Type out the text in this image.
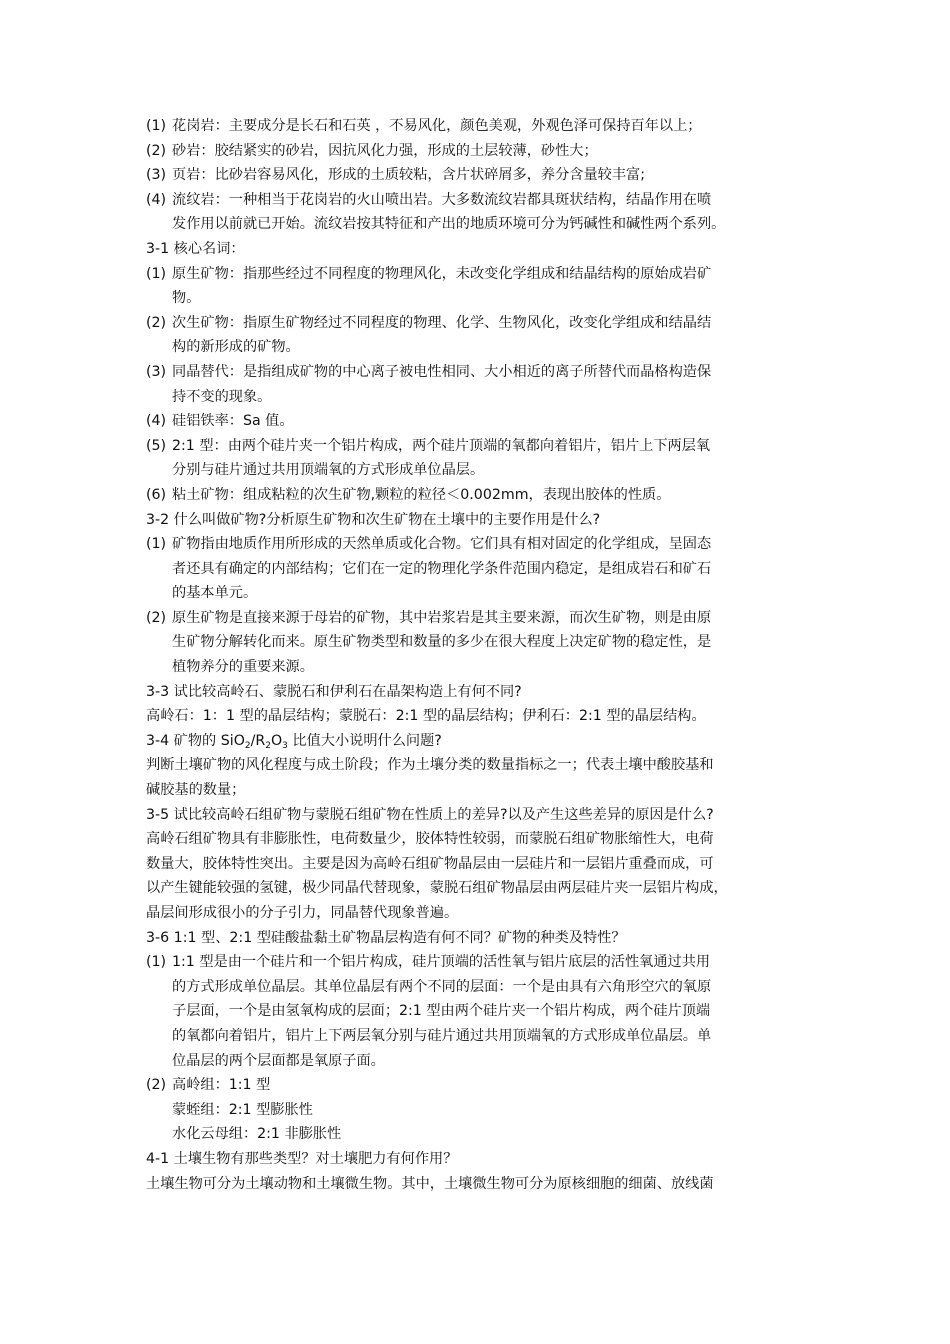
(1) 花岗岩：主要成分是长石和石英 ，不易风化，颜色美观，外观色泽可保持百年以上；
(2) 砂岩：胶结紧实的砂岩，因抗风化力强，形成的土层较薄，砂性大；
(3) 页岩：比砂岩容易风化，形成的土质较粘，含片状碎屑多，养分含量较丰富;
(4) 流纹岩：一种相当于花岗岩的火山喷出岩。大多数流纹岩都具斑状结构，结晶作用在喷
发作用以前就已开始。流纹岩按其特征和产出的地质环境可分为钙碱性和碱性两个系列。
3-1 核心名词：
(1) 原生矿物：指那些经过不同程度的物理风化，未改变化学组成和结晶结构的原始成岩矿
物。
(2) 次生矿物：指原生矿物经过不同程度的物理、化学、生物风化，改变化学组成和结晶结
构的新形成的矿物。
(3) 同晶替代：是指组成矿物的中心离子被电性相同、大小相近的离子所替代而晶格构造保
持不变的现象。
(4) 硅铝铁率：Sa 值。
(5) 2:1 型：由两个硅片夹一个铝片构成，两个硅片顶端的氧都向着铝片，铝片上下两层氧
分别与硅片通过共用顶端氧的方式形成单位晶层。
(6) 粘土矿物：组成粘粒的次生矿物,颗粒的粒径＜0.002mm，表现出胶体的性质。
3-2 什么叫做矿物?分析原生矿物和次生矿物在土壤中的主要作用是什么?
(1) 矿物指由地质作用所形成的天然单质或化合物。它们具有相对固定的化学组成，呈固态
者还具有确定的内部结构；它们在一定的物理化学条件范围内稳定，是组成岩石和矿石
的基本单元。
(2) 原生矿物是直接来源于母岩的矿物，其中岩浆岩是其主要来源，而次生矿物，则是由原
生矿物分解转化而来。原生矿物类型和数量的多少在很大程度上决定矿物的稳定性，是
植物养分的重要来源。
3-3 试比较高岭石、蒙脱石和伊利石在晶架构造上有何不同?
高岭石：1：1 型的晶层结构；蒙脱石：2:1 型的晶层结构；伊利石：2:1 型的晶层结构。
3-4 矿物的 $SiO_2/R_2O_3$ 比值大小说明什么问题?
判断土壤矿物的风化程度与成土阶段；作为土壤分类的数量指标之一；代表土壤中酸胶基和
碱胶基的数量；
3-5 试比较高岭石组矿物与蒙脱石组矿物在性质上的差异?以及产生这些差异的原因是什么?
高岭石组矿物具有非膨胀性，电荷数量少，胶体特性较弱，而蒙脱石组矿物胀缩性大，电荷
数量大，胶体特性突出。主要是因为高岭石组矿物晶层由一层硅片和一层铝片重叠而成，可
以产生键能较强的氢键，极少同晶代替现象，蒙脱石组矿物晶层由两层硅片夹一层铝片构成，
晶层间形成很小的分子引力，同晶替代现象普遍。
3-6 1:1 型、2:1 型硅酸盐黏土矿物晶层构造有何不同？矿物的种类及特性？
(1) 1:1 型是由一个硅片和一个铝片构成，硅片顶端的活性氧与铝片底层的活性氧通过共用
的方式形成单位晶层。其单位晶层有两个不同的层面：一个是由具有六角形空穴的氧原
子层面，一个是由氢氧构成的层面；2:1 型由两个硅片夹一个铝片构成，两个硅片顶端
的氧都向着铝片，铝片上下两层氧分别与硅片通过共用顶端氧的方式形成单位晶层。单
位晶层的两个层面都是氧原子面。
(2) 高岭组：1:1 型
蒙蛭组：2:1 型膨胀性
水化云母组：2:1 非膨胀性
4-1 土壤生物有那些类型？对土壤肥力有何作用？
土壤生物可分为土壤动物和土壤微生物。其中，土壤微生物可分为原核细胞的细菌、放线菌
